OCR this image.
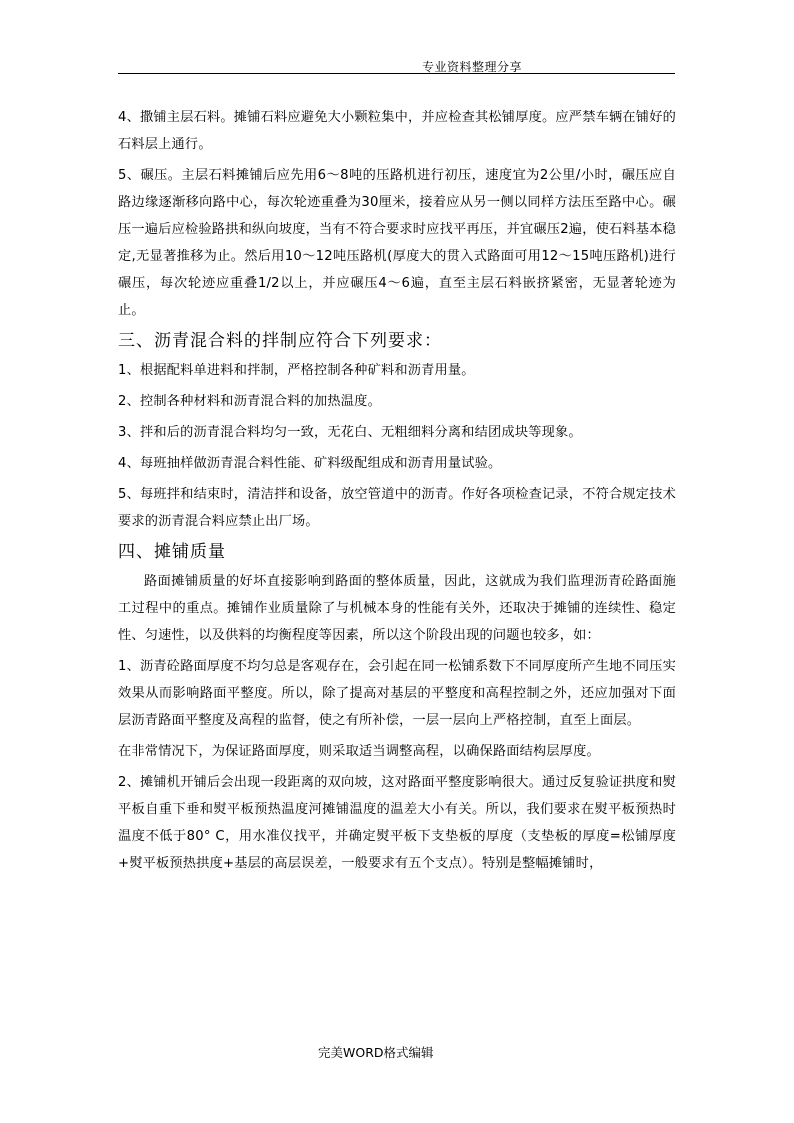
专业资料整理分享
4、撒铺主层石料。摊铺石料应避免大小颗粒集中，并应检查其松铺厚度。应严禁车辆在铺好的石料层上通行。
5、碾压。主层石料摊铺后应先用6～8吨的压路机进行初压，速度宜为2公里/小时，碾压应自路边缘逐渐移向路中心，每次轮迹重叠为30厘米，接着应从另一侧以同样方法压至路中心。碾压一遍后应检验路拱和纵向坡度，当有不符合要求时应找平再压，并宜碾压2遍，使石料基本稳定,无显著推移为止。然后用10～12吨压路机(厚度大的贯入式路面可用12～15吨压路机)进行碾压，每次轮迹应重叠1/2以上，并应碾压4～6遍，直至主层石料嵌挤紧密，无显著轮迹为止。
三、沥青混合料的拌制应符合下列要求：
1、根据配料单进料和拌制，严格控制各种矿料和沥青用量。
2、控制各种材料和沥青混合料的加热温度。
3、拌和后的沥青混合料均匀一致，无花白、无粗细料分离和结团成块等现象。
4、每班抽样做沥青混合料性能、矿料级配组成和沥青用量试验。
5、每班拌和结束时，清洁拌和设备，放空管道中的沥青。作好各项检查记录，不符合规定技术要求的沥青混合料应禁止出厂场。
四、摊铺质量
路面摊铺质量的好坏直接影响到路面的整体质量，因此，这就成为我们监理沥青砼路面施工过程中的重点。摊铺作业质量除了与机械本身的性能有关外，还取决于摊铺的连续性、稳定性、匀速性，以及供料的均衡程度等因素，所以这个阶段出现的问题也较多，如：
1、沥青砼路面厚度不均匀总是客观存在，会引起在同一松铺系数下不同厚度所产生地不同压实效果从而影响路面平整度。所以，除了提高对基层的平整度和高程控制之外，还应加强对下面层沥青路面平整度及高程的监督，使之有所补偿，一层一层向上严格控制，直至上面层。
在非常情况下，为保证路面厚度，则采取适当调整高程，以确保路面结构层厚度。
2、摊铺机开铺后会出现一段距离的双向坡，这对路面平整度影响很大。通过反复验证拱度和熨平板自重下垂和熨平板预热温度河摊铺温度的温差大小有关。所以，我们要求在熨平板预热时温度不低于80° C，用水准仪找平，并确定熨平板下支垫板的厚度（支垫板的厚度=松铺厚度+熨平板预热拱度+基层的高层误差，一般要求有五个支点）。特别是整幅摊铺时，
完美WORD格式编辑
